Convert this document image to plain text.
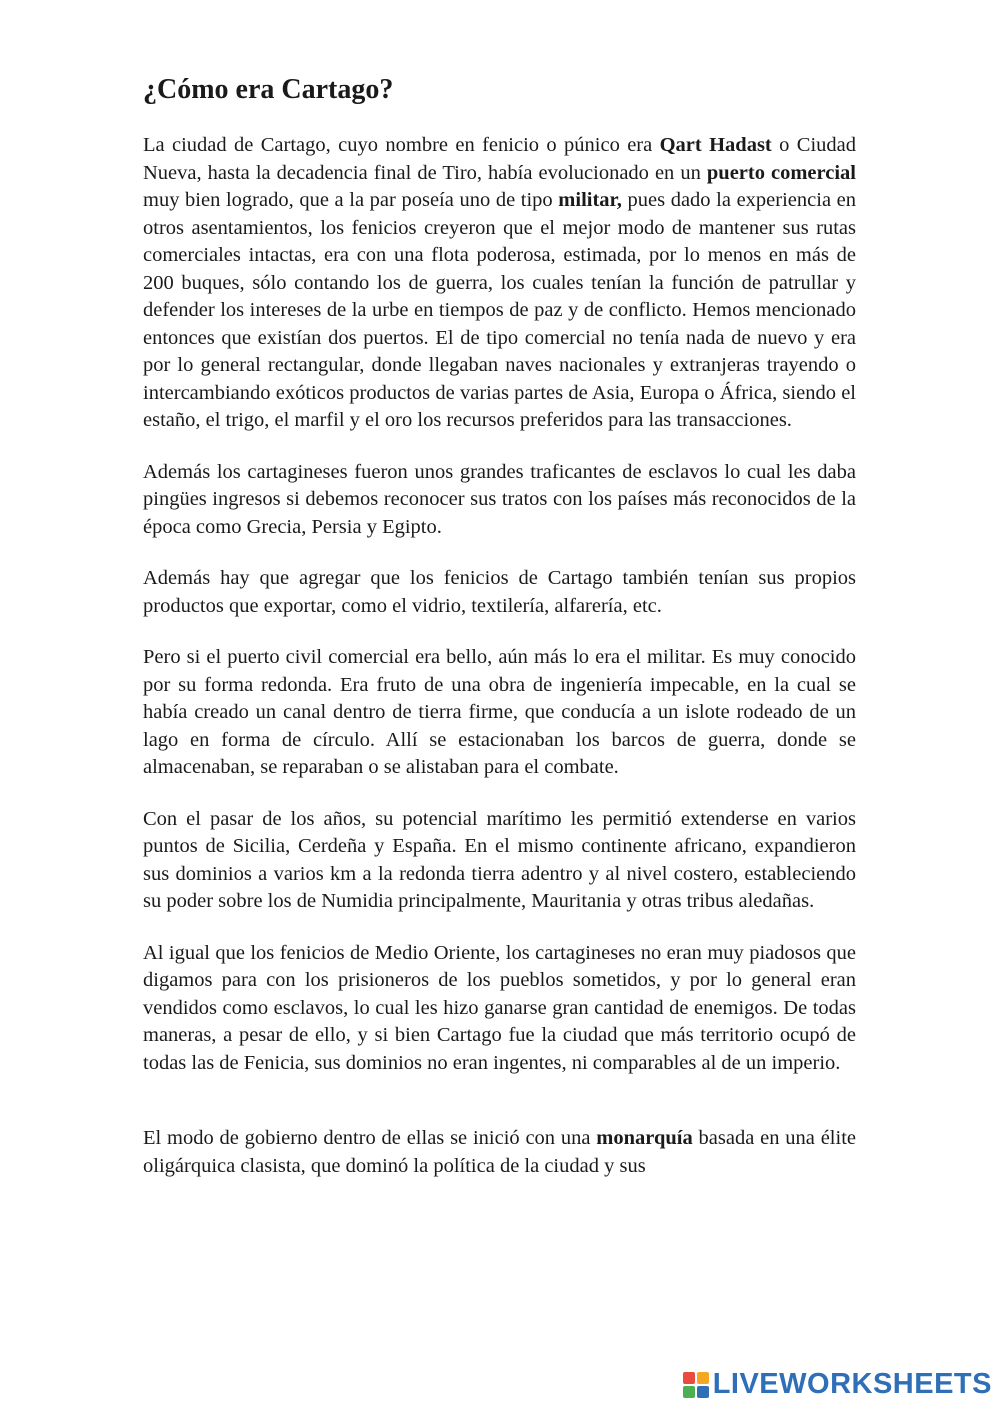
¿Cómo era Cartago?

La ciudad de Cartago, cuyo nombre en fenicio o púnico era Qart Hadast o Ciudad Nueva, hasta la decadencia final de Tiro, había evolucionado en un puerto comercial muy bien logrado, que a la par poseía uno de tipo militar, pues dado la experiencia en otros asentamientos, los fenicios creyeron que el mejor modo de mantener sus rutas comerciales intactas, era con una flota poderosa, estimada, por lo menos en más de 200 buques, sólo contando los de guerra, los cuales tenían la función de patrullar y defender los intereses de la urbe en tiempos de paz y de conflicto. Hemos mencionado entonces que existían dos puertos. El de tipo comercial no tenía nada de nuevo y era por lo general rectangular, donde llegaban naves nacionales y extranjeras trayendo o intercambiando exóticos productos de varias partes de Asia, Europa o África, siendo el estaño, el trigo, el marfil y el oro los recursos preferidos para las transacciones.

Además los cartagineses fueron unos grandes traficantes de esclavos lo cual les daba pingües ingresos si debemos reconocer sus tratos con los países más reconocidos de la época como Grecia, Persia y Egipto.

Además hay que agregar que los fenicios de Cartago también tenían sus propios productos que exportar, como el vidrio, textilería, alfarería, etc.

Pero si el puerto civil comercial era bello, aún más lo era el militar. Es muy conocido por su forma redonda. Era fruto de una obra de ingeniería impecable, en la cual se había creado un canal dentro de tierra firme, que conducía a un islote rodeado de un lago en forma de círculo. Allí se estacionaban los barcos de guerra, donde se almacenaban, se reparaban o se alistaban para el combate.

Con el pasar de los años, su potencial marítimo les permitió extenderse en varios puntos de Sicilia, Cerdeña y España. En el mismo continente africano, expandieron sus dominios a varios km a la redonda tierra adentro y al nivel costero, estableciendo su poder sobre los de Numidia principalmente, Mauritania y otras tribus aledañas.

Al igual que los fenicios de Medio Oriente, los cartagineses no eran muy piadosos que digamos para con los prisioneros de los pueblos sometidos, y por lo general eran vendidos como esclavos, lo cual les hizo ganarse gran cantidad de enemigos. De todas maneras, a pesar de ello, y si bien Cartago fue la ciudad que más territorio ocupó de todas las de Fenicia, sus dominios no eran ingentes, ni comparables al de un imperio.

El modo de gobierno dentro de ellas se inició con una monarquía basada en una élite oligárquica clasista, que dominó la política de la ciudad y sus

LIVEWORKSHEETS
